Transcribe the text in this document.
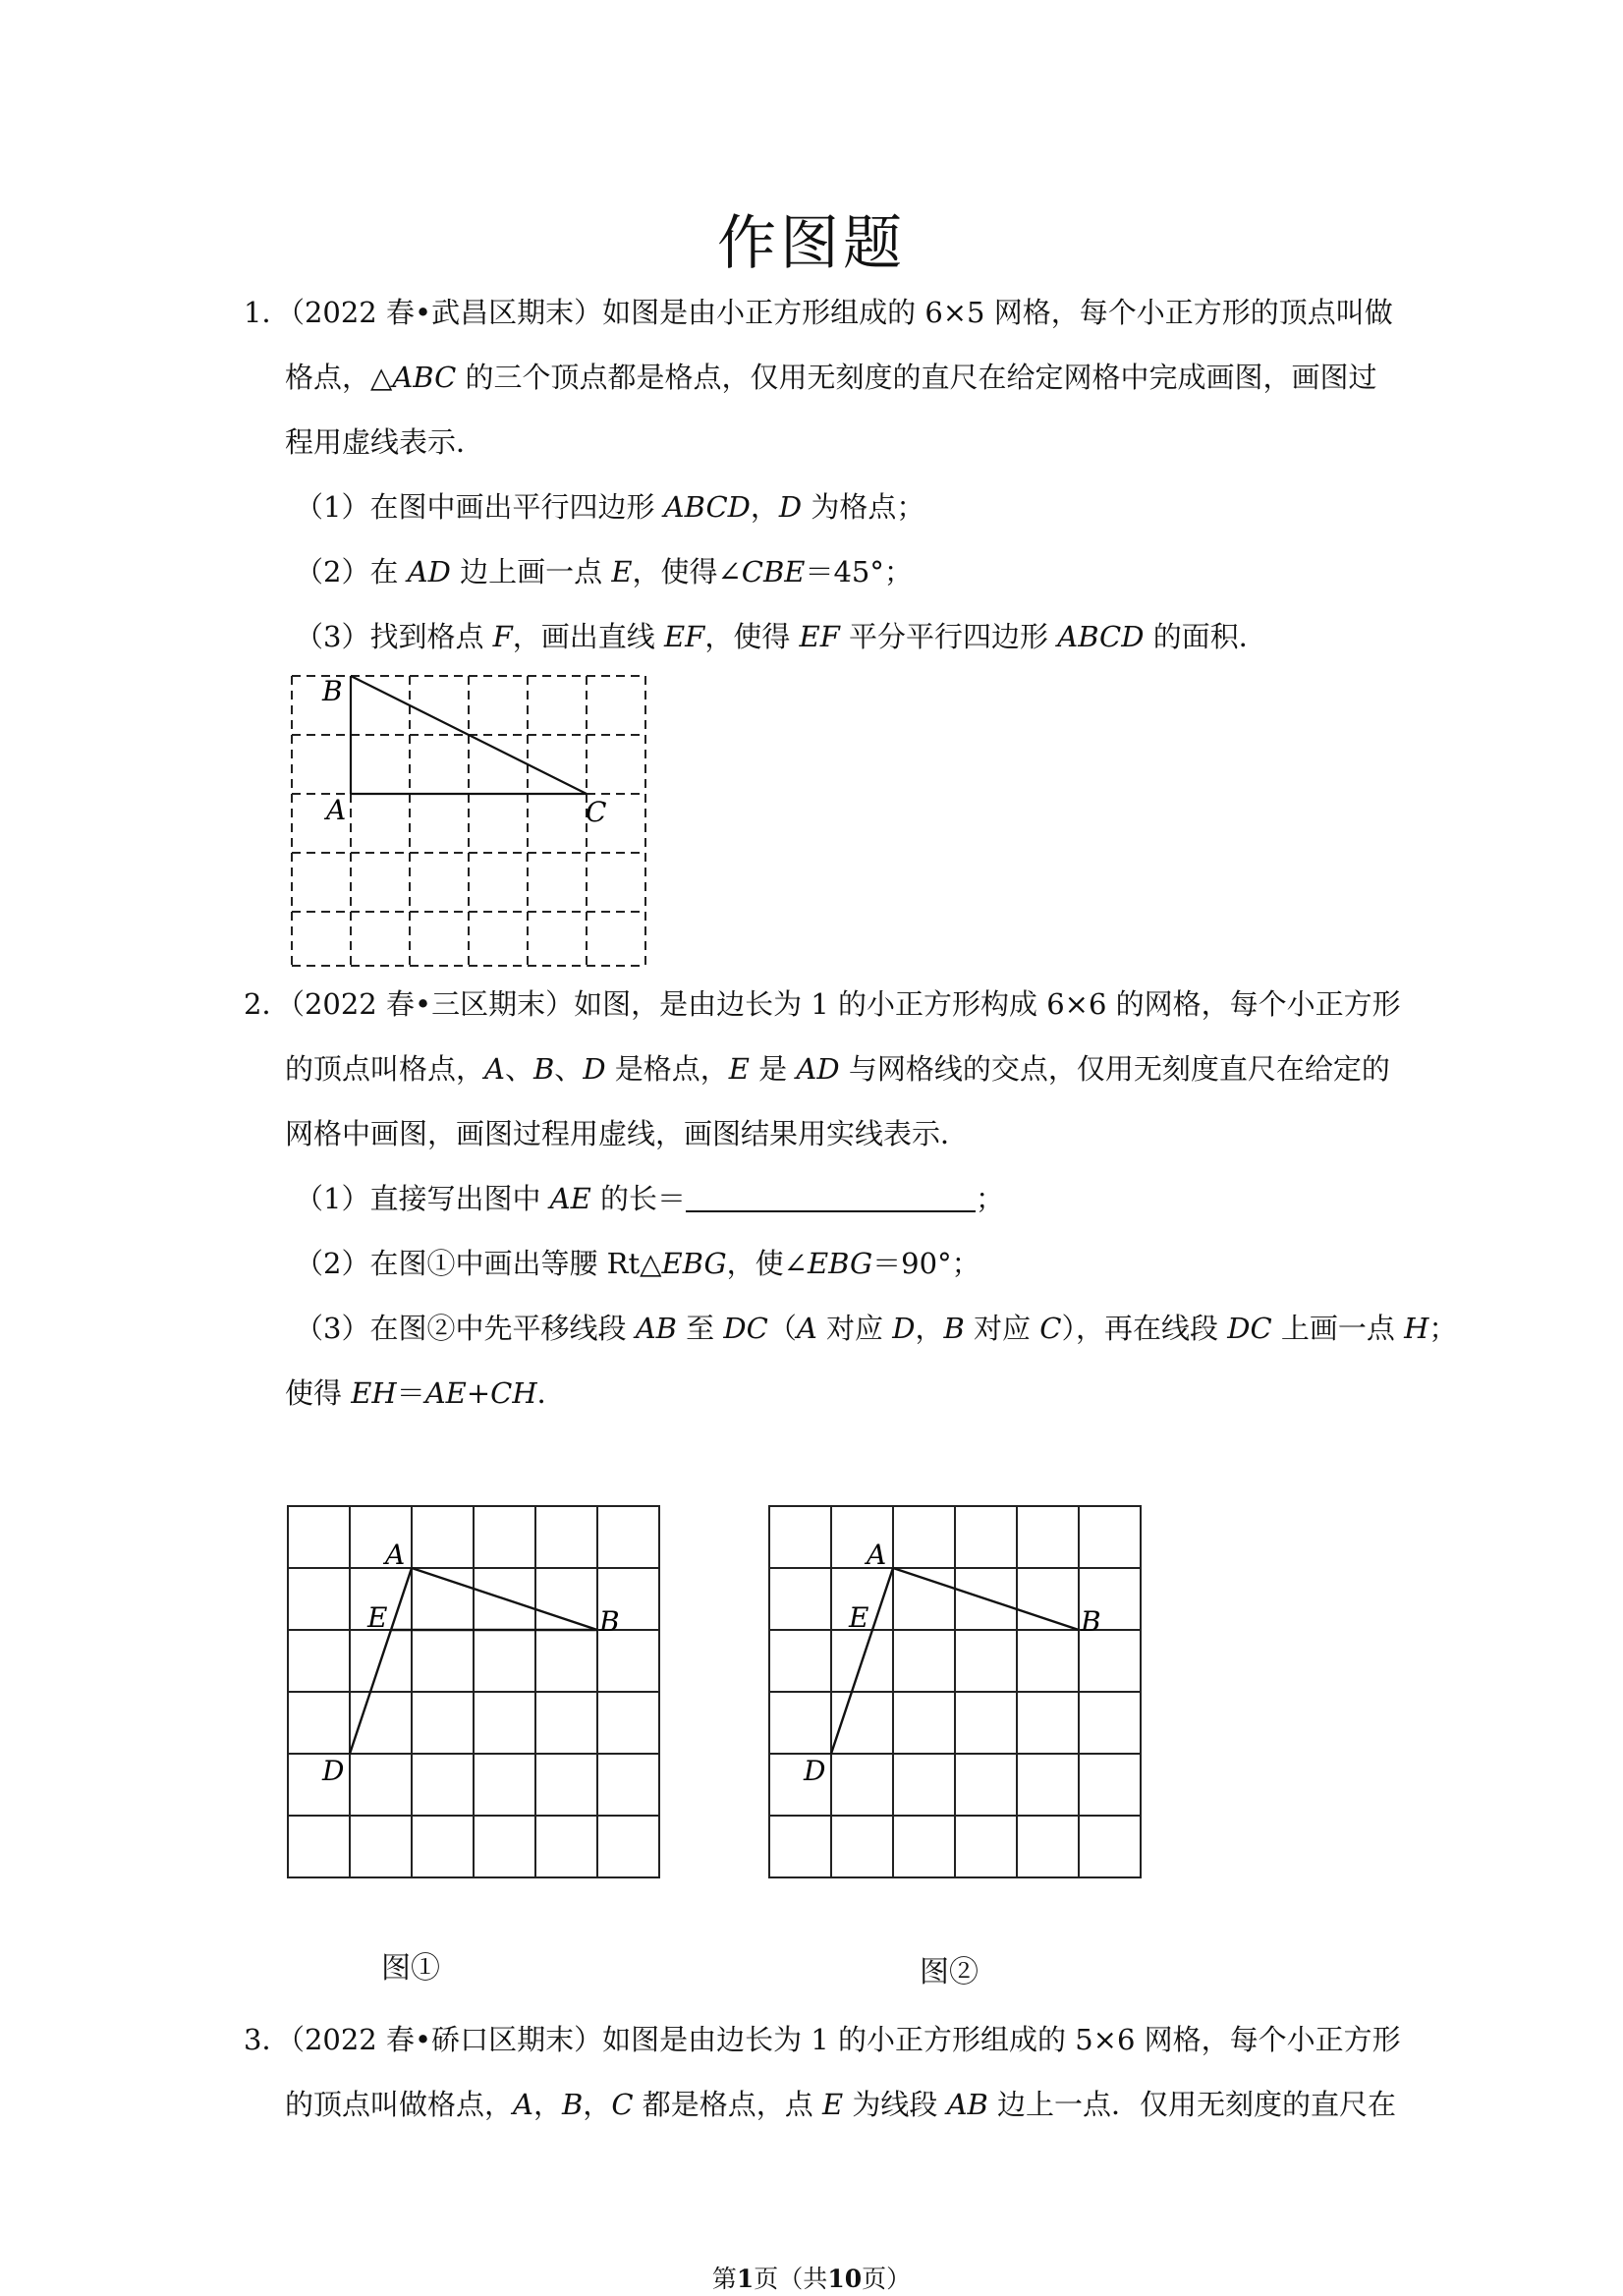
作图题
1．（2022 春•武昌区期末）如图是由小正方形组成的 6×5 网格，每个小正方形的顶点叫做
格点，△ABC 的三个顶点都是格点，仅用无刻度的直尺在给定网格中完成画图，画图过
程用虚线表示．
（1）在图中画出平行四边形 ABCD，D 为格点；
（2）在 AD 边上画一点 E，使得∠CBE＝45°；
（3）找到格点 F，画出直线 EF，使得 EF 平分平行四边形 ABCD 的面积．
B
A	C
2．（2022 春•三区期末）如图，是由边长为 1 的小正方形构成 6×6 的网格，每个小正方形
的顶点叫格点，A、B、D 是格点，E 是 AD 与网格线的交点，仅用无刻度直尺在给定的
网格中画图，画图过程用虚线，画图结果用实线表示．
（1）直接写出图中 AE 的长＝	；
（2）在图①中画出等腰 Rt△EBG，使∠EBG＝90°；
（3）在图②中先平移线段 AB 至 DC（A 对应 D，B 对应 C），再在线段 DC 上画一点 H；
使得 EH＝AE+CH．
A
E	B
D
A
E	B
D
图①	图②
3．（2022 春•硚口区期末）如图是由边长为 1 的小正方形组成的 5×6 网格，每个小正方形
的顶点叫做格点，A，B，C 都是格点，点 E 为线段 AB 边上一点．仅用无刻度的直尺在
第1页（共10页）
